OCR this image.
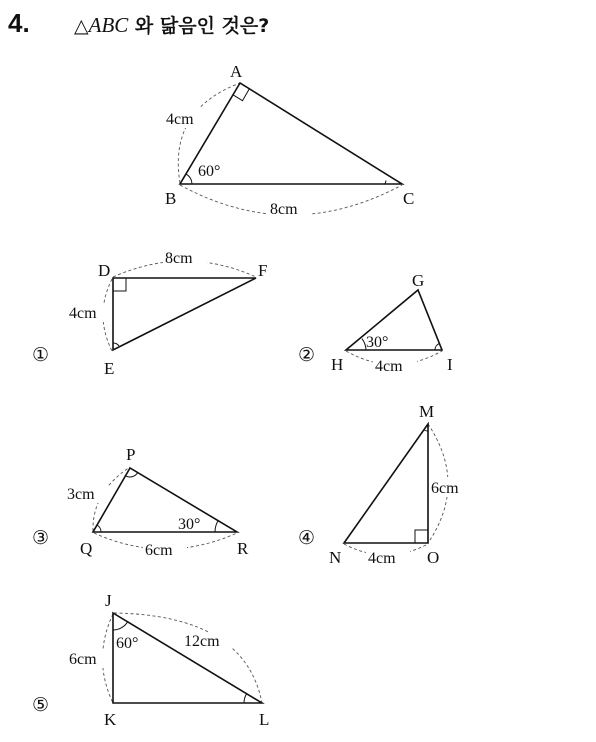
4. △ABC 와 닮음인 것은?
A
B	C
4cm
60°
8cm
8cm
4cm
D
E
F
①
30°
4cm
G
H	I
②
3cm
30°
6cm
P
Q	R
③
6cm
4cm
M
N	O
④
6cm
60°	12cm
J
K	L
⑤
